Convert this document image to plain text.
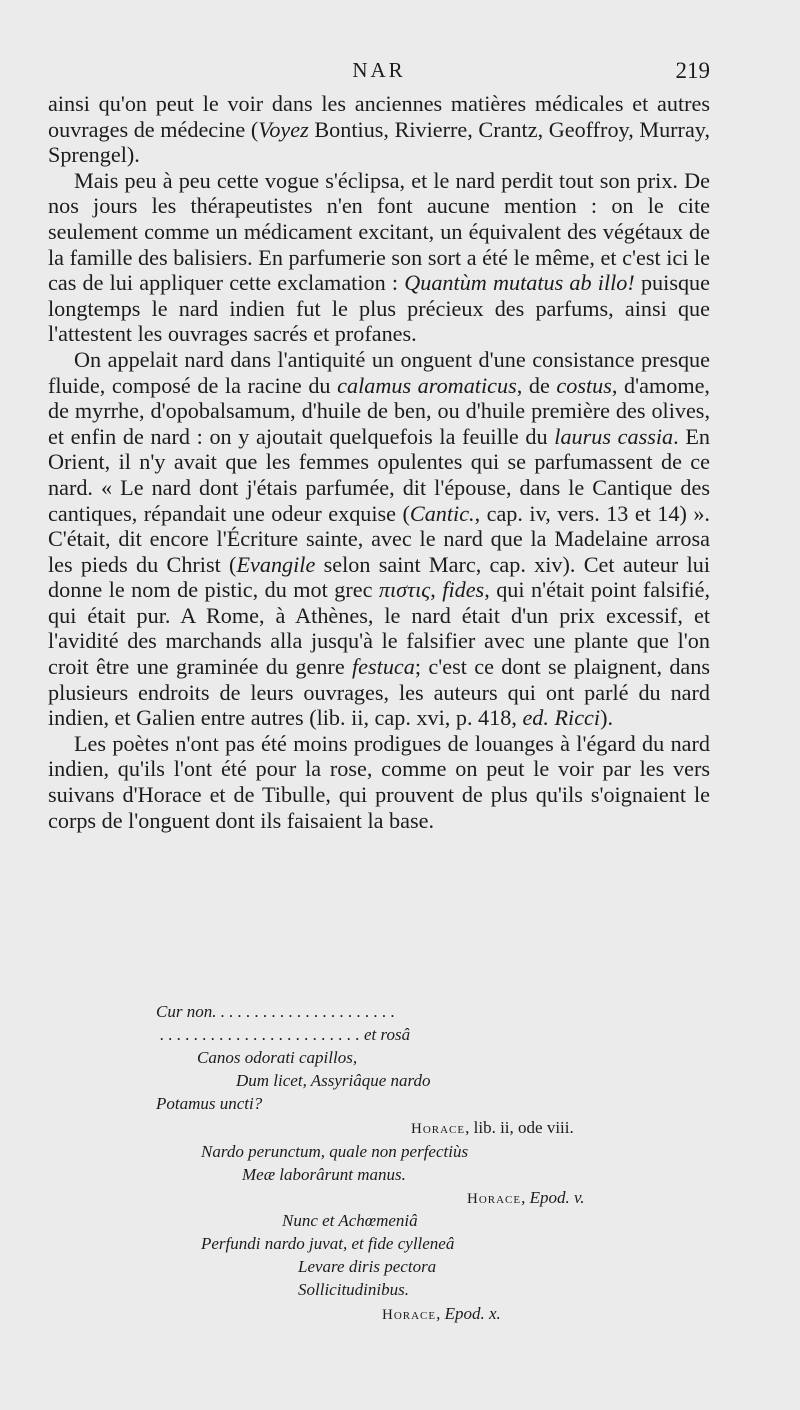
NAR	219

ainsi qu'on peut le voir dans les anciennes matières médicales et autres ouvrages de médecine (Voyez Bontius, Rivierre, Crantz, Geoffroy, Murray, Sprengel).

Mais peu à peu cette vogue s'éclipsa, et le nard perdit tout son prix. De nos jours les thérapeutistes n'en font aucune mention : on le cite seulement comme un médicament excitant, un équivalent des végétaux de la famille des balisiers. En parfumerie son sort a été le même, et c'est ici le cas de lui appliquer cette exclamation : Quantùm mutatus ab illo! puisque longtemps le nard indien fut le plus précieux des parfums, ainsi que l'attestent les ouvrages sacrés et profanes.

On appelait nard dans l'antiquité un onguent d'une consistance presque fluide, composé de la racine du calamus aromaticus, de costus, d'amome, de myrrhe, d'opobalsamum, d'huile de ben, ou d'huile première des olives, et enfin de nard : on y ajoutait quelquefois la feuille du laurus cassia. En Orient, il n'y avait que les femmes opulentes qui se parfumassent de ce nard. « Le nard dont j'étais parfumée, dit l'épouse, dans le Cantique des cantiques, répandait une odeur exquise (Cantic., cap. iv, vers. 13 et 14) ». C'était, dit encore l'Écriture sainte, avec le nard que la Madelaine arrosa les pieds du Christ (Evangile selon saint Marc, cap. xiv). Cet auteur lui donne le nom de pistic, du mot grec πιστις, fides, qui n'était point falsifié, qui était pur. A Rome, à Athènes, le nard était d'un prix excessif, et l'avidité des marchands alla jusqu'à le falsifier avec une plante que l'on croit être une graminée du genre festuca; c'est ce dont se plaignent, dans plusieurs endroits de leurs ouvrages, les auteurs qui ont parlé du nard indien, et Galien entre autres (lib. ii, cap. xvi, p. 418, ed. Ricci).

Les poètes n'ont pas été moins prodigues de louanges à l'égard du nard indien, qu'ils l'ont été pour la rose, comme on peut le voir par les vers suivans d'Horace et de Tibulle, qui prouvent de plus qu'ils s'oignaient le corps de l'onguent dont ils faisaient la base.

Cur non. . . . . . . . . . . . . . . . . . . . . .
. . . . . . . . . . . . . . . . . . . . . . . . et rosâ
Canos odorati capillos,
Dum licet, Assyriâque nardo
Potamus uncti?
Nardo perunctum, quale non perfectiùs
Meæ laborârunt manus.
Nunc et Achœmeniâ
Perfundi nardo juvat, et fide cylleneâ
Levare diris pectora
Sollicitudinibus.
Horace, lib. ii, ode viii.
Horace, Epod. v.
Horace, Epod. x.
